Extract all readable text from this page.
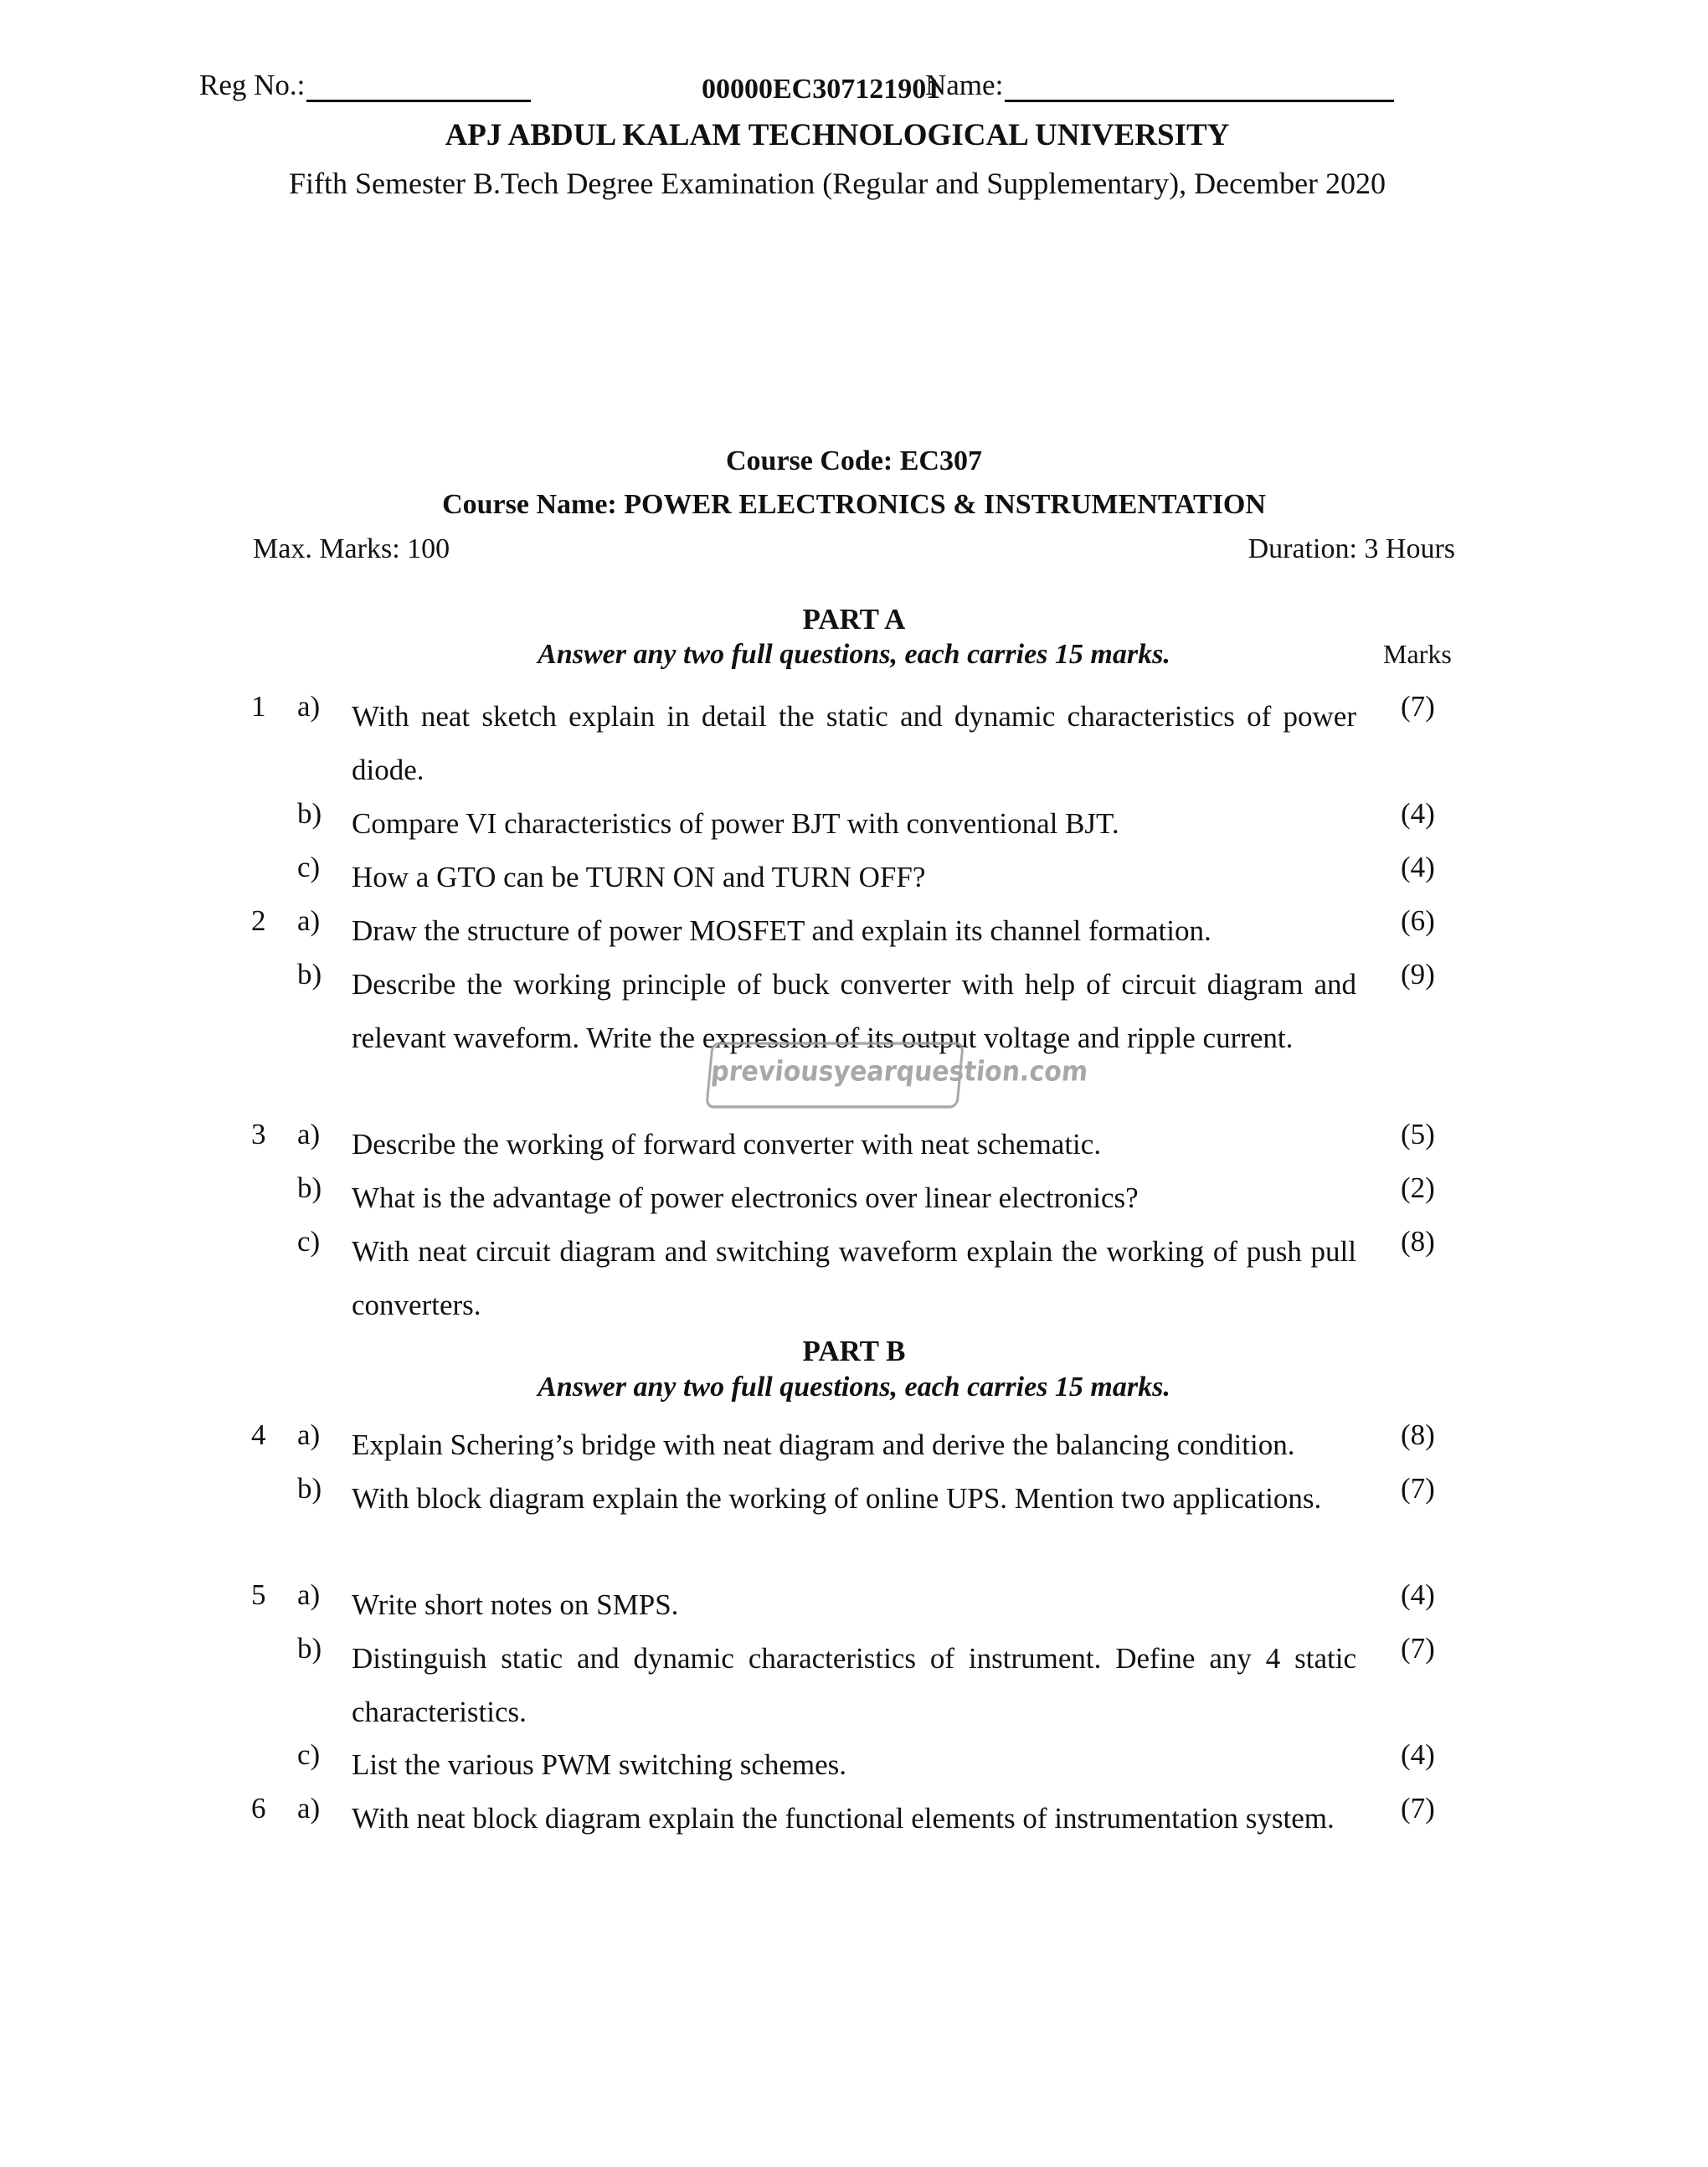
Reg No.:	00000EC307121901
Name:
APJ ABDUL KALAM TECHNOLOGICAL UNIVERSITY
Fifth Semester B.Tech Degree Examination (Regular and Supplementary), December 2020
Course Code: EC307
Course Name: POWER ELECTRONICS & INSTRUMENTATION
Max. Marks: 100	Duration: 3 Hours
PART A
Answer any two full questions, each carries 15 marks.	Marks
1 a) With neat sketch explain in detail the static and dynamic characteristics of power diode.
(7)
b) Compare VI characteristics of power BJT with conventional BJT.	(4)
c) How a GTO can be TURN ON and TURN OFF?	(4)
2 a) Draw the structure of power MOSFET and explain its channel formation.	(6)
b) Describe the working principle of buck converter with help of circuit diagram and relevant waveform. Write the expression of its output voltage and ripple current.
(9)
3 a) Describe the working of forward converter with neat schematic.	(5)
b) What is the advantage of power electronics over linear electronics?	(2)
c) With neat circuit diagram and switching waveform explain the working of push pull converters.
(8)
PART B
Answer any two full questions, each carries 15 marks.
4 a) Explain Schering’s bridge with neat diagram and derive the balancing condition.	(8)
b) With block diagram explain the working of online UPS. Mention two applications.	(7)
5 a) Write short notes on SMPS.	(4)
b) Distinguish static and dynamic characteristics of instrument. Define any 4 static characteristics.
(7)
c) List the various PWM switching schemes.	(4)
6 a) With neat block diagram explain the functional elements of instrumentation system.	(7)
previousyearquestion.com
